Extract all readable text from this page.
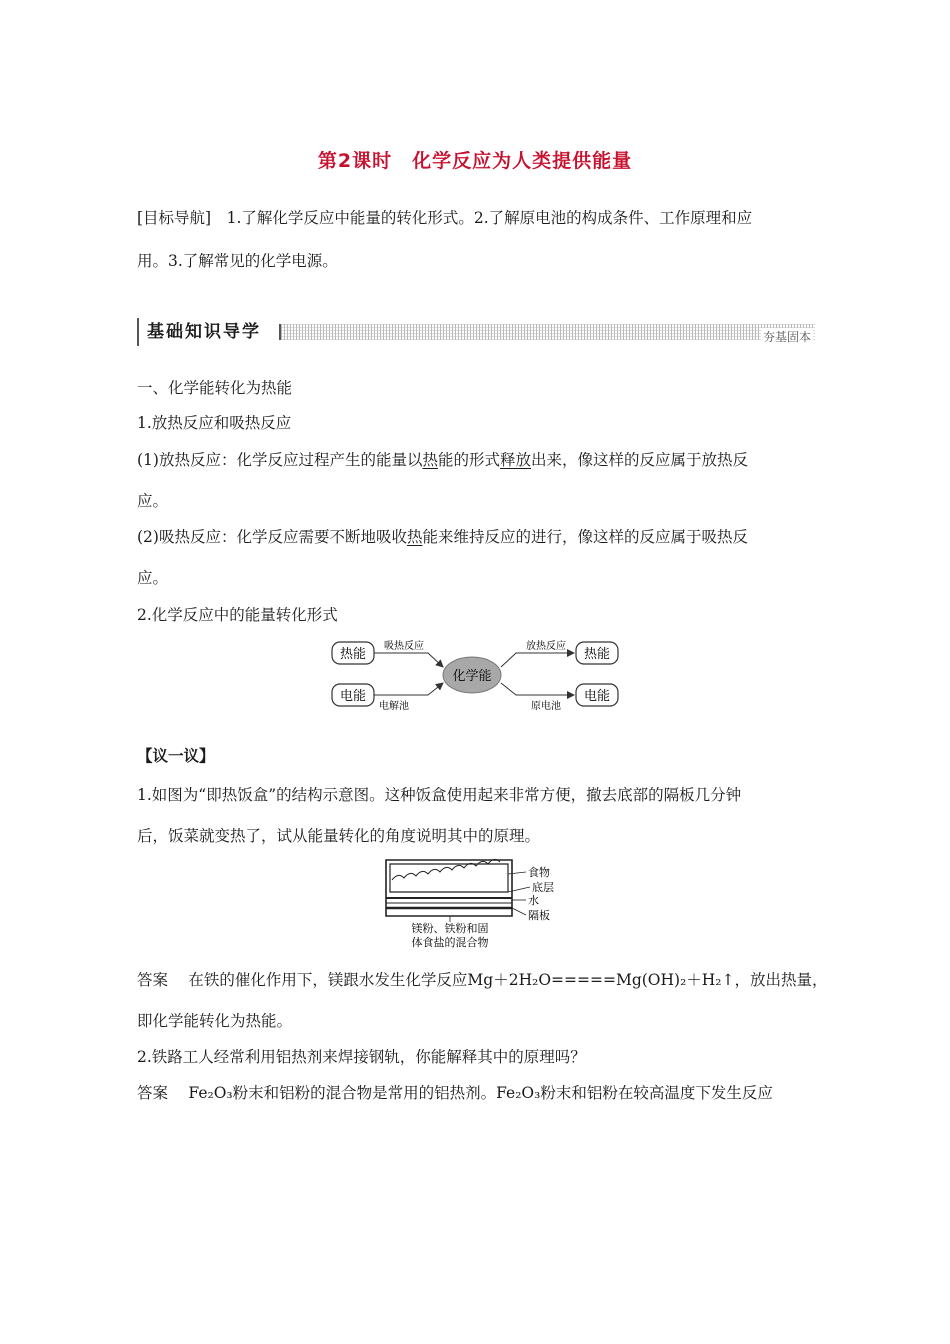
第2课时　化学反应为人类提供能量
[目标导航]　1.了解化学反应中能量的转化形式。2.了解原电池的构成条件、工作原理和应
用。3.了解常见的化学电源。
基础知识导学	夯基固本
一、化学能转化为热能
1.放热反应和吸热反应
(1)放热反应：化学反应过程产生的能量以热能的形式释放出来，像这样的反应属于放热反
应。
(2)吸热反应：化学反应需要不断地吸收热能来维持反应的进行，像这样的反应属于吸热反
应。
2.化学反应中的能量转化形式
热能
电能
化学能
热能
电能
吸热反应
电解池
放热反应
原电池
【议一议】
1.如图为“即热饭盒”的结构示意图。这种饭盒使用起来非常方便，撤去底部的隔板几分钟
后，饭菜就变热了，试从能量转化的角度说明其中的原理。
食物
底层
水
隔板
镁粉、铁粉和固
体食盐的混合物
答案　 在铁的催化作用下，镁跟水发生化学反应Mg＋2H₂O=====Mg(OH)₂＋H₂↑，放出热量，
即化学能转化为热能。
2.铁路工人经常利用铝热剂来焊接钢轨，你能解释其中的原理吗？
答案　 Fe₂O₃粉末和铝粉的混合物是常用的铝热剂。Fe₂O₃粉末和铝粉在较高温度下发生反应
